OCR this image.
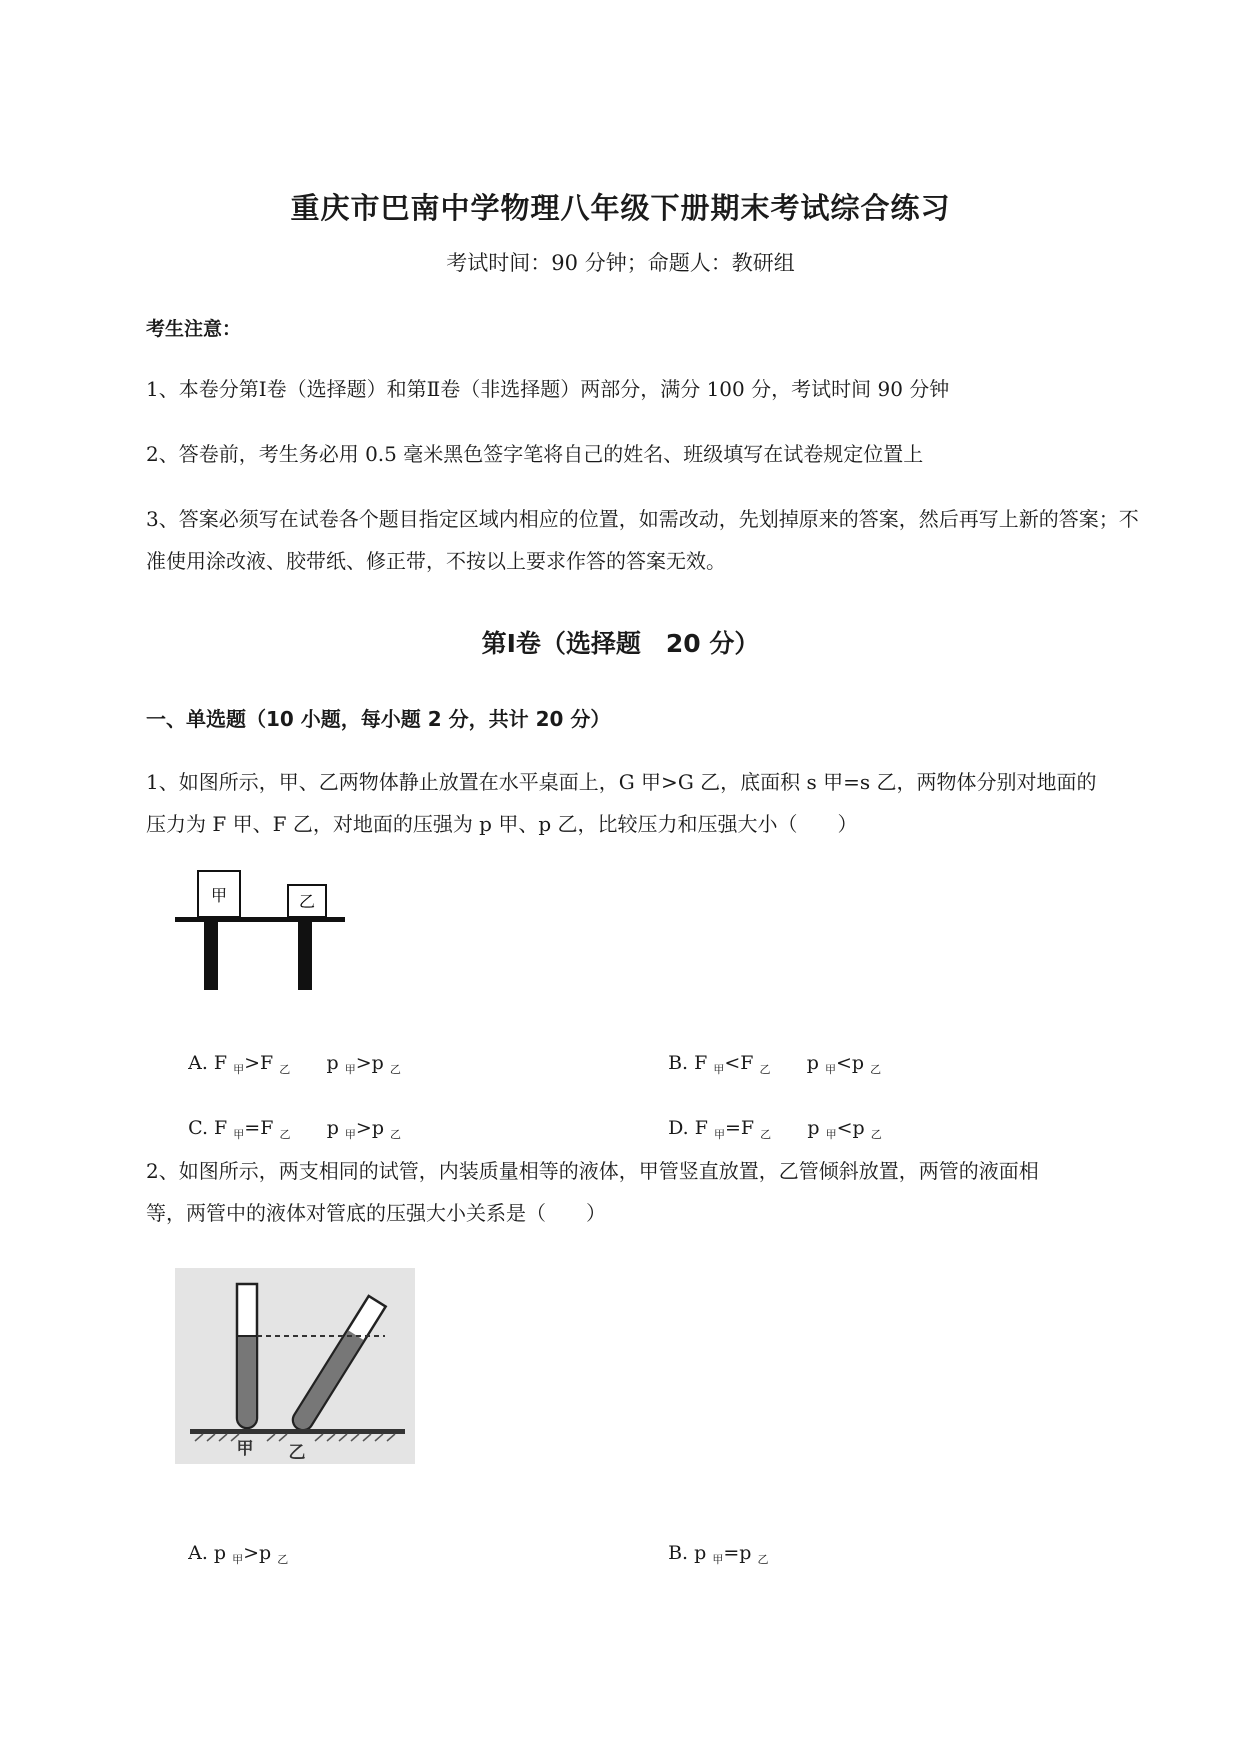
重庆市巴南中学物理八年级下册期末考试综合练习
考试时间：90 分钟；命题人：教研组
考生注意：
1、本卷分第Ⅰ卷（选择题）和第Ⅱ卷（非选择题）两部分，满分 100 分，考试时间 90 分钟
2、答卷前，考生务必用 0.5 毫米黑色签字笔将自己的姓名、班级填写在试卷规定位置上
3、答案必须写在试卷各个题目指定区域内相应的位置，如需改动，先划掉原来的答案，然后再写上新的答案；不准使用涂改液、胶带纸、修正带，不按以上要求作答的答案无效。
第Ⅰ卷（选择题　20 分）
一、单选题（10 小题，每小题 2 分，共计 20 分）
1、如图所示，甲、乙两物体静止放置在水平桌面上，G 甲>G 乙，底面积 s 甲=s 乙，两物体分别对地面的
压力为 F 甲、F 乙，对地面的压强为 p 甲、p 乙，比较压力和压强大小（　　）
甲	乙

A. F $_甲$>F $_乙$ p $_甲$>p $_乙$	B. F $_甲$<F $_乙$ p $_甲$<p $_乙$

C. F $_甲$=F $_乙$ p $_甲$>p $_乙$	D. F $_甲$=F $_乙$ p $_甲$<p $_乙$

2、如图所示，两支相同的试管，内装质量相等的液体，甲管竖直放置，乙管倾斜放置，两管的液面相
等，两管中的液体对管底的压强大小关系是（　　）
甲 乙

A. p $_甲$>p $_乙$	B. p $_甲$=p $_乙$
